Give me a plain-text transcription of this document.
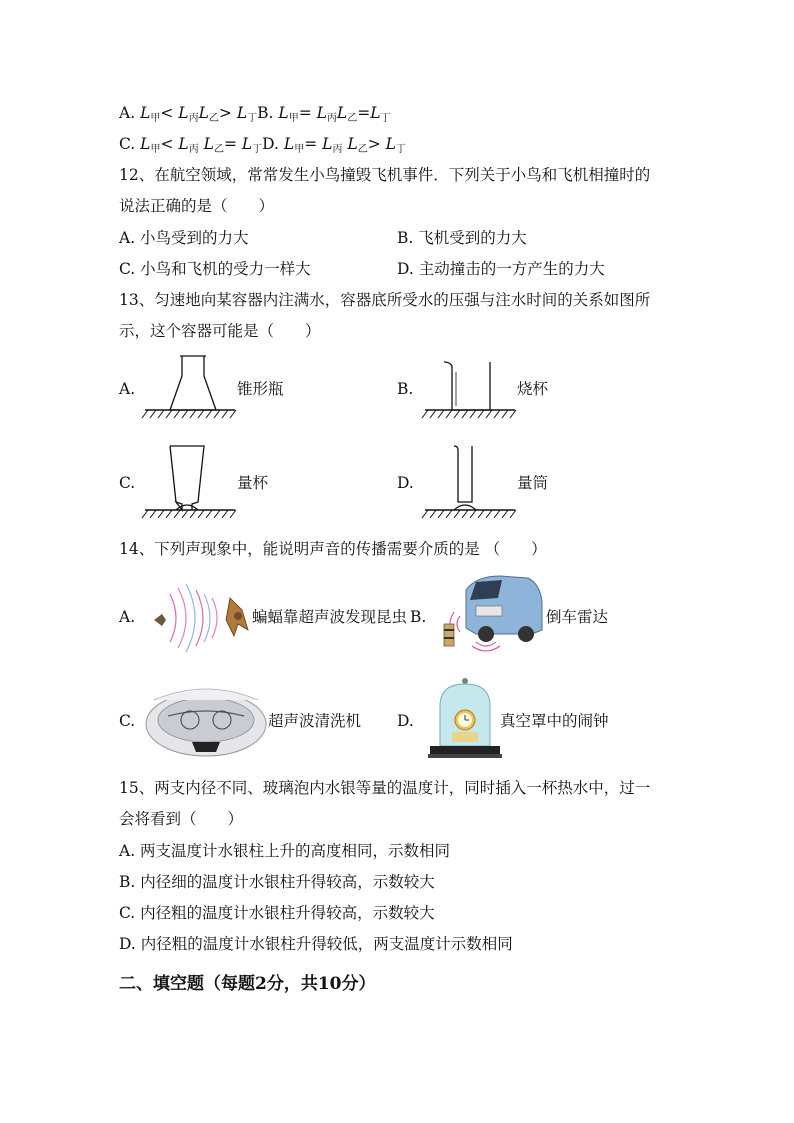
A. L甲< L丙L乙> L丁B. L甲= L丙L乙=L丁
C. L甲< L丙 L乙= L丁D. L甲= L丙 L乙> L丁
12、在航空领域，常常发生小鸟撞毁飞机事件．下列关于小鸟和飞机相撞时的
说法正确的是（　　）
A. 小鸟受到的力大	B. 飞机受到的力大
C. 小鸟和飞机的受力一样大	D. 主动撞击的一方产生的力大
13、匀速地向某容器内注满水，容器底所受水的压强与注水时间的关系如图所
示，这个容器可能是（　　）
A.	锥形瓶	B.	烧杯
C.	量杯	D.	量筒
14、下列声现象中，能说明声音的传播需要介质的是 （　　）
A.	蝙蝠靠超声波发现昆虫 B.	倒车雷达
C.	超声波清洗机 D.	真空罩中的闹钟
15、两支内径不同、玻璃泡内水银等量的温度计，同时插入一杯热水中，过一
会将看到（　　）
A. 两支温度计水银柱上升的高度相同，示数相同
B. 内径细的温度计水银柱升得较高，示数较大
C. 内径粗的温度计水银柱升得较高，示数较大
D. 内径粗的温度计水银柱升得较低，两支温度计示数相同
二、填空题（每题2分，共10分）
